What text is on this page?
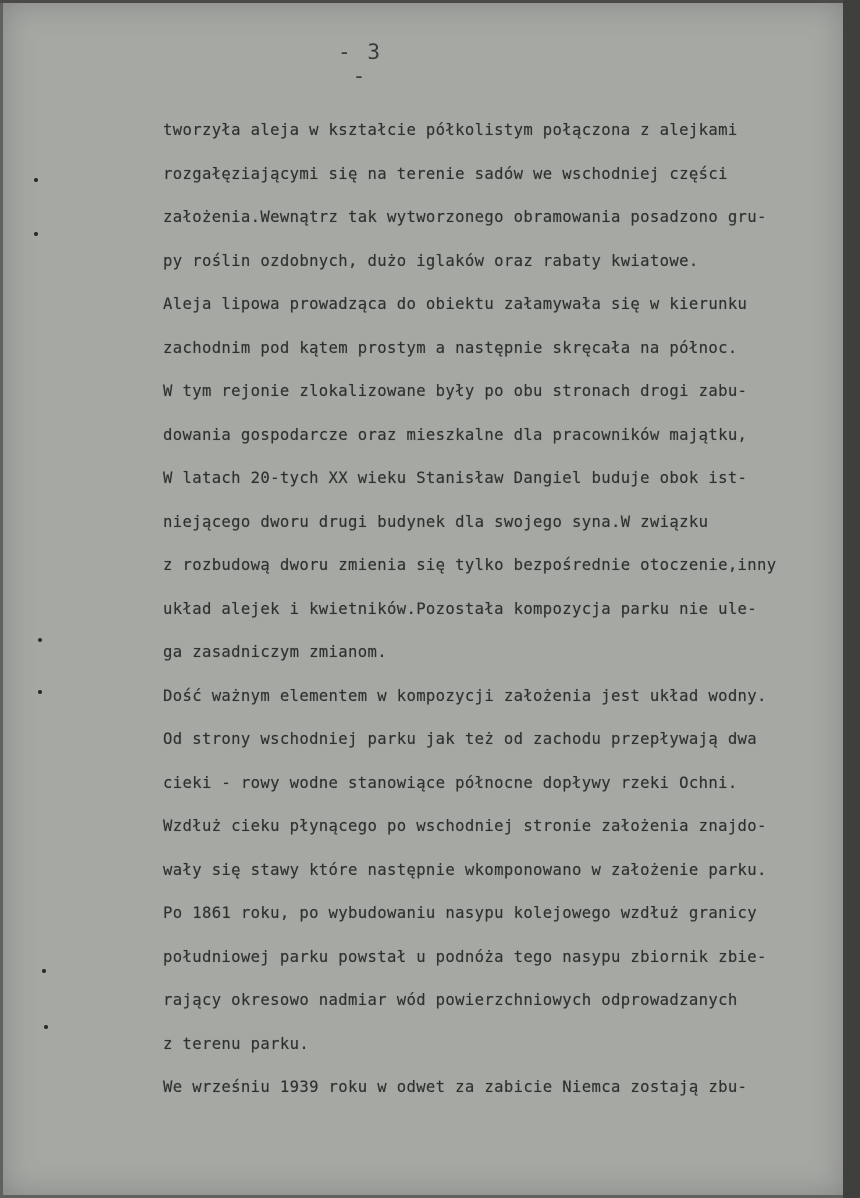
- 3 -
tworzyła aleja w kształcie półkolistym połączona z alejkami
rozgałęziającymi się na terenie sadów we wschodniej części
założenia.Wewnątrz tak wytworzonego obramowania posadzono gru-
py roślin ozdobnych, dużo iglaków oraz rabaty kwiatowe.
Aleja lipowa prowadząca do obiektu załamywała się w kierunku
zachodnim pod kątem prostym a następnie skręcała na północ.
W tym rejonie zlokalizowane były po obu stronach drogi zabu-
dowania gospodarcze oraz mieszkalne dla pracowników majątku,
W latach 20-tych XX wieku Stanisław Dangiel buduje obok ist-
niejącego dworu drugi budynek dla swojego syna.W związku
z rozbudową dworu zmienia się tylko bezpośrednie otoczenie,inny
układ alejek i kwietników.Pozostała kompozycja parku nie ule-
ga zasadniczym zmianom.
Dość ważnym elementem w kompozycji założenia jest układ wodny.
Od strony wschodniej parku jak też od zachodu przepływają dwa
cieki - rowy wodne stanowiące północne dopływy rzeki Ochni.
Wzdłuż cieku płynącego po wschodniej stronie założenia znajdo-
wały się stawy które następnie wkomponowano w założenie parku.
Po 1861 roku, po wybudowaniu nasypu kolejowego wzdłuż granicy
południowej parku powstał u podnóża tego nasypu zbiornik zbie-
rający okresowo nadmiar wód powierzchniowych odprowadzanych
z terenu parku.
We wrześniu 1939 roku w odwet za zabicie Niemca zostają zbu-
